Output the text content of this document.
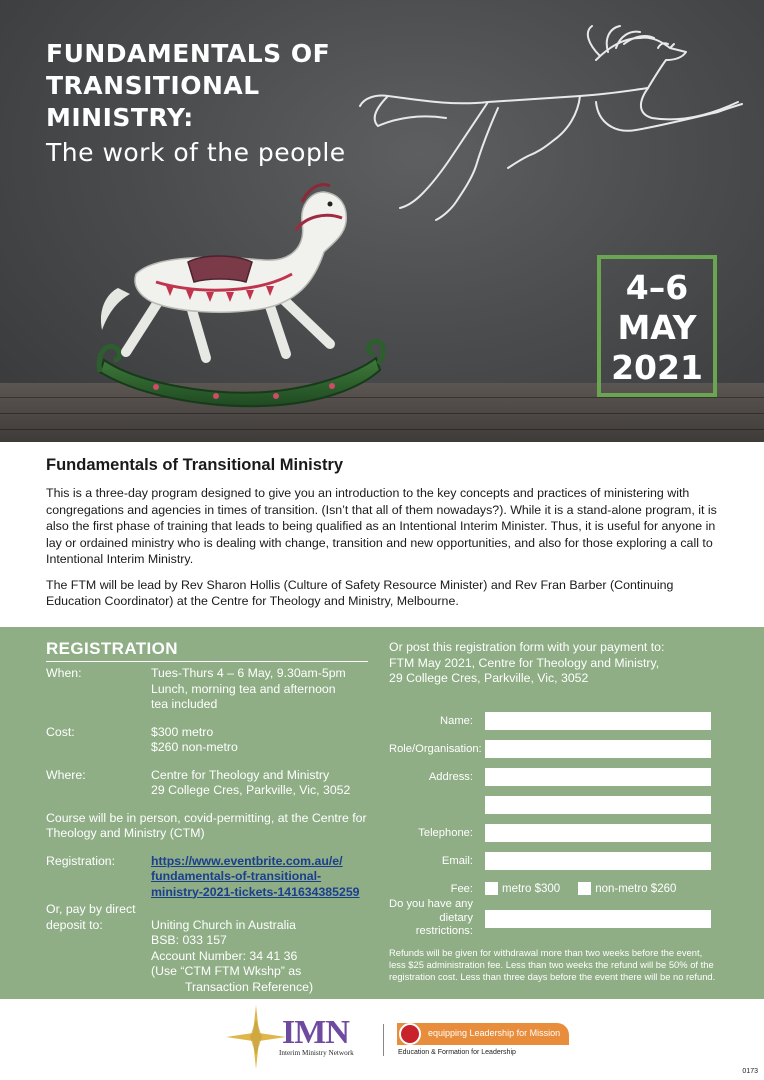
FUNDAMENTALS OF
TRANSITIONAL
MINISTRY:
The work of the people
4–6
MAY
2021
Fundamentals of Transitional Ministry

This is a three-day program designed to give you an introduction to the key concepts and practices of ministering with congregations and agencies in times of transition. (Isn’t that all of them nowadays?). While it is a stand-alone program, it is also the first phase of training that leads to being qualified as an Intentional Interim Minister. Thus, it is useful for anyone in lay or ordained ministry who is dealing with change, transition and new opportunities, and also for those exploring a call to Intentional Interim Ministry.

The FTM will be lead by Rev Sharon Hollis (Culture of Safety Resource Minister) and Rev Fran Barber (Continuing Education Coordinator) at the Centre for Theology and Ministry, Melbourne.

REGISTRATION
When:	Tues-Thurs 4 – 6 May, 9.30am-5pm
Lunch, morning tea and afternoon
tea included
Cost:	$300 metro
$260 non-metro
Where:	Centre for Theology and Ministry
29 College Cres, Parkville, Vic, 3052
Course will be in person, covid-permitting, at the Centre for Theology and Ministry (CTM)
Registration:	https://www.eventbrite.com.au/e/
fundamentals-of-transitional-
ministry-2021-tickets-141634385259
Or, pay by direct
deposit to:
	Uniting Church in Australia
BSB: 033 157
Account Number: 34 41 36
(Use “CTM FTM Wkshp” as
Transaction Reference)
Or post this registration form with your payment to:
FTM May 2021, Centre for Theology and Ministry,
29 College Cres, Parkville, Vic, 3052
Name:
Role/Organisation:
Address:
Telephone:
Email:
Fee:	metro $300	non-metro $260
Do you have any
dietary restrictions:
Refunds will be given for withdrawal more than two weeks before the event, less $25 administration fee. Less than two weeks the refund will be 50% of the registration cost. Less than three days before the event there will be no refund.
IMN
Interim Ministry Network
equipping Leadership for Mission
Education & Formation for Leadership
0173
